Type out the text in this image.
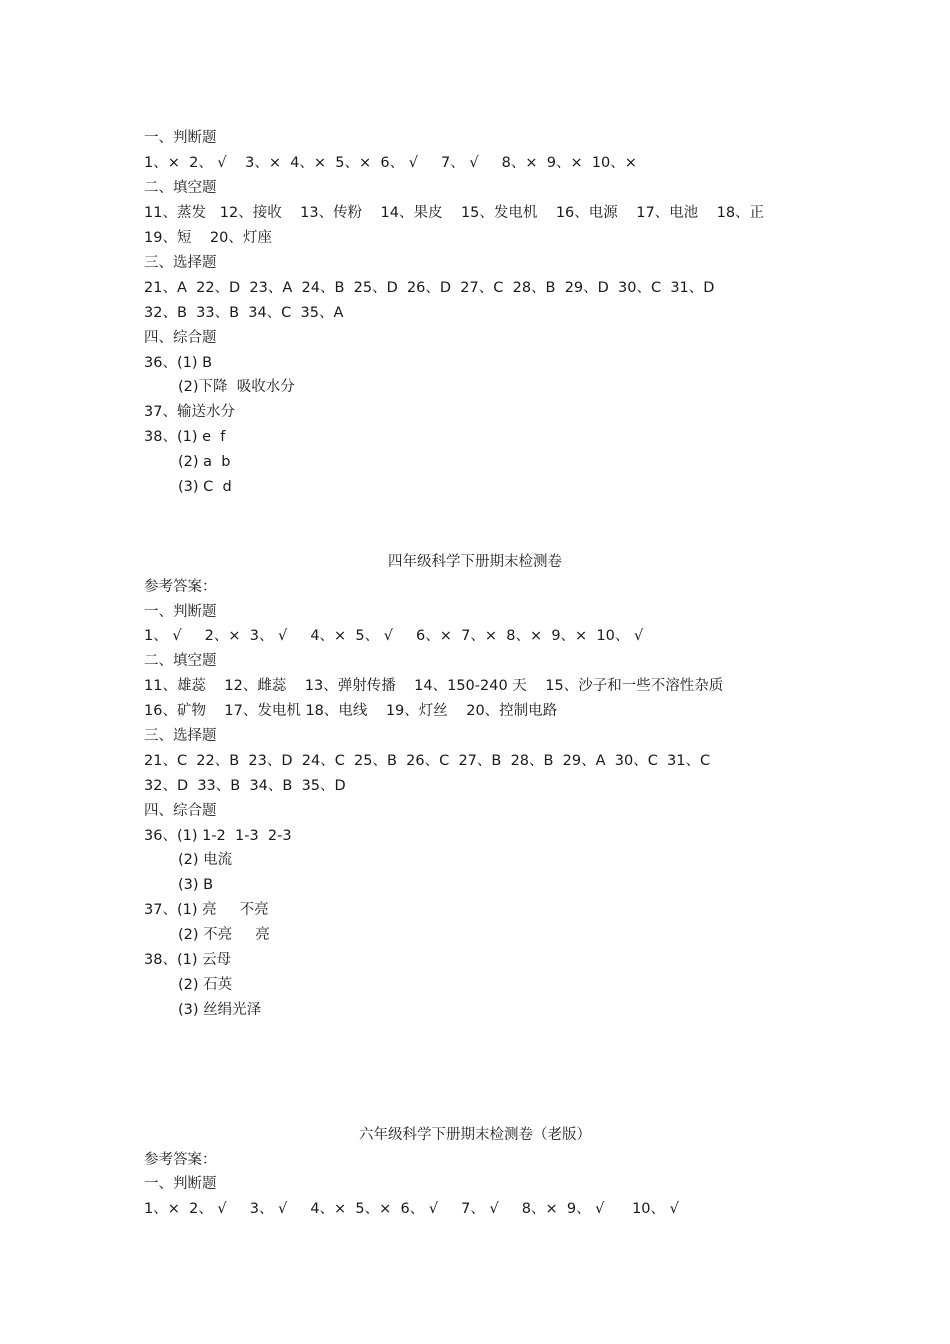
一、判断题
1、×  2、 √    3、×  4、×  5、×  6、 √     7、 √     8、×  9、×  10、×
二、填空题
11、蒸发   12、接收    13、传粉    14、果皮    15、发电机    16、电源    17、电池    18、正
19、短    20、灯座
三、选择题
21、A  22、D  23、A  24、B  25、D  26、D  27、C  28、B  29、D  30、C  31、D
32、B  33、B  34、C  35、A
四、综合题
36、(1) B
(2)下降  吸收水分
37、输送水分
38、(1) e  f
(2) a  b
(3) C  d
四年级科学下册期末检测卷
参考答案：
一、判断题
1、 √     2、×  3、 √     4、×  5、 √     6、×  7、×  8、×  9、×  10、 √
二、填空题
11、雄蕊    12、雌蕊    13、弹射传播    14、150-240 天    15、沙子和一些不溶性杂质
16、矿物    17、发电机 18、电线    19、灯丝    20、控制电路
三、选择题
21、C  22、B  23、D  24、C  25、B  26、C  27、B  28、B  29、A  30、C  31、C
32、D  33、B  34、B  35、D
四、综合题
36、(1) 1-2  1-3  2-3
(2) 电流
(3) B
37、(1) 亮     不亮
(2) 不亮     亮
38、(1) 云母
(2) 石英
(3) 丝绢光泽
六年级科学下册期末检测卷（老版）
参考答案：
一、判断题
1、×  2、 √     3、 √     4、×  5、×  6、 √     7、 √     8、×  9、 √      10、 √
